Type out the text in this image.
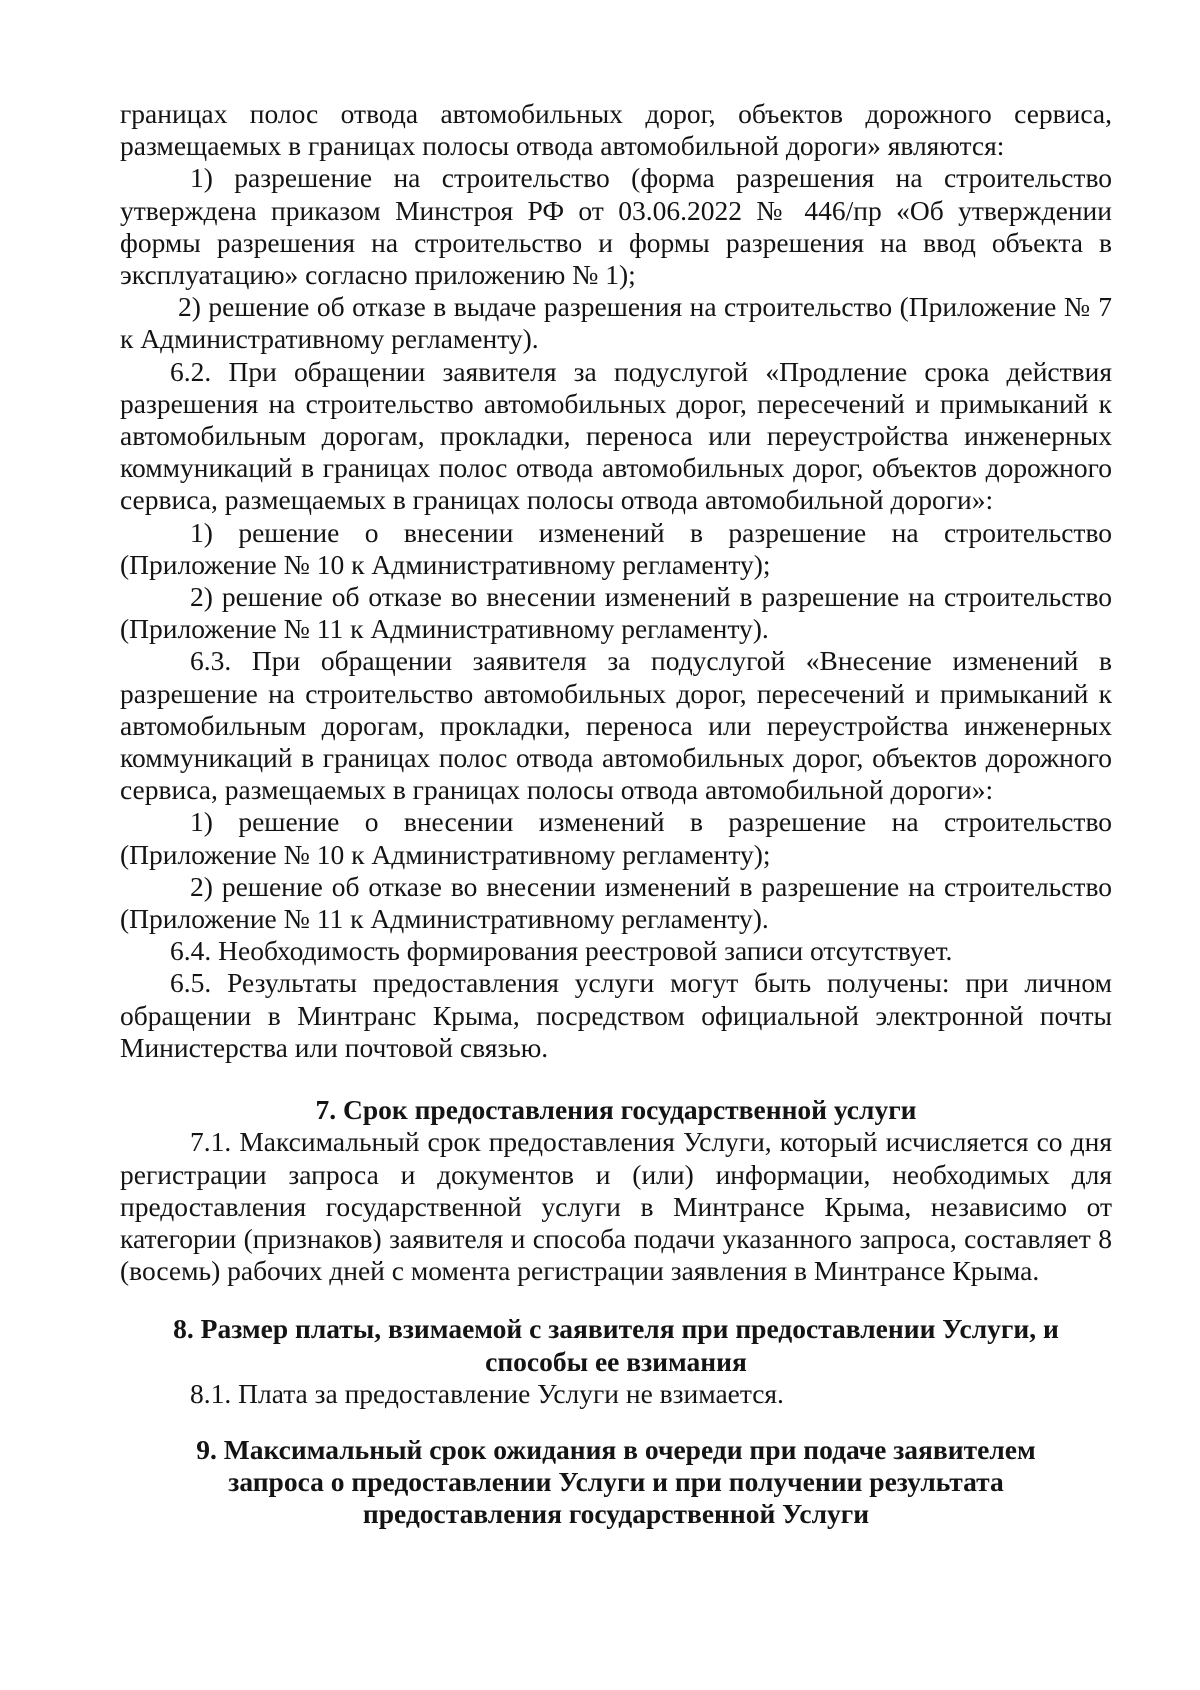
границах полос отвода автомобильных дорог, объектов дорожного сервиса, размещаемых в границах полосы отвода автомобильной дороги» являются:

1) разрешение на строительство (форма разрешения на строительство утверждена приказом Минстроя РФ от 03.06.2022 № 446/пр «Об утверждении формы разрешения на строительство и формы разрешения на ввод объекта в эксплуатацию» согласно приложению № 1);

2) решение об отказе в выдаче разрешения на строительство (Приложение № 7 к Административному регламенту).

6.2. При обращении заявителя за подуслугой «Продление срока действия разрешения на строительство автомобильных дорог, пересечений и примыканий к автомобильным дорогам, прокладки, переноса или переустройства инженерных коммуникаций в границах полос отвода автомобильных дорог, объектов дорожного сервиса, размещаемых в границах полосы отвода автомобильной дороги»:

1) решение о внесении изменений в разрешение на строительство (Приложение № 10 к Административному регламенту);

2) решение об отказе во внесении изменений в разрешение на строительство (Приложение № 11 к Административному регламенту).

6.3. При обращении заявителя за подуслугой «Внесение изменений в разрешение на строительство автомобильных дорог, пересечений и примыканий к автомобильным дорогам, прокладки, переноса или переустройства инженерных коммуникаций в границах полос отвода автомобильных дорог, объектов дорожного сервиса, размещаемых в границах полосы отвода автомобильной дороги»:

1) решение о внесении изменений в разрешение на строительство (Приложение № 10 к Административному регламенту);

2) решение об отказе во внесении изменений в разрешение на строительство (Приложение № 11 к Административному регламенту).

6.4. Необходимость формирования реестровой записи отсутствует.

6.5. Результаты предоставления услуги могут быть получены: при личном обращении в Минтранс Крыма, посредством официальной электронной почты Министерства или почтовой связью.

7. Срок предоставления государственной услуги

7.1. Максимальный срок предоставления Услуги, который исчисляется со дня регистрации запроса и документов и (или) информации, необходимых для предоставления государственной услуги в Минтрансе Крыма, независимо от категории (признаков) заявителя и способа подачи указанного запроса, составляет 8 (восемь) рабочих дней с момента регистрации заявления в Минтрансе Крыма.

8. Размер платы, взимаемой с заявителя при предоставлении Услуги, и

способы ее взимания

8.1. Плата за предоставление Услуги не взимается.

9. Максимальный срок ожидания в очереди при подаче заявителем

запроса о предоставлении Услуги и при получении результата

предоставления государственной Услуги
